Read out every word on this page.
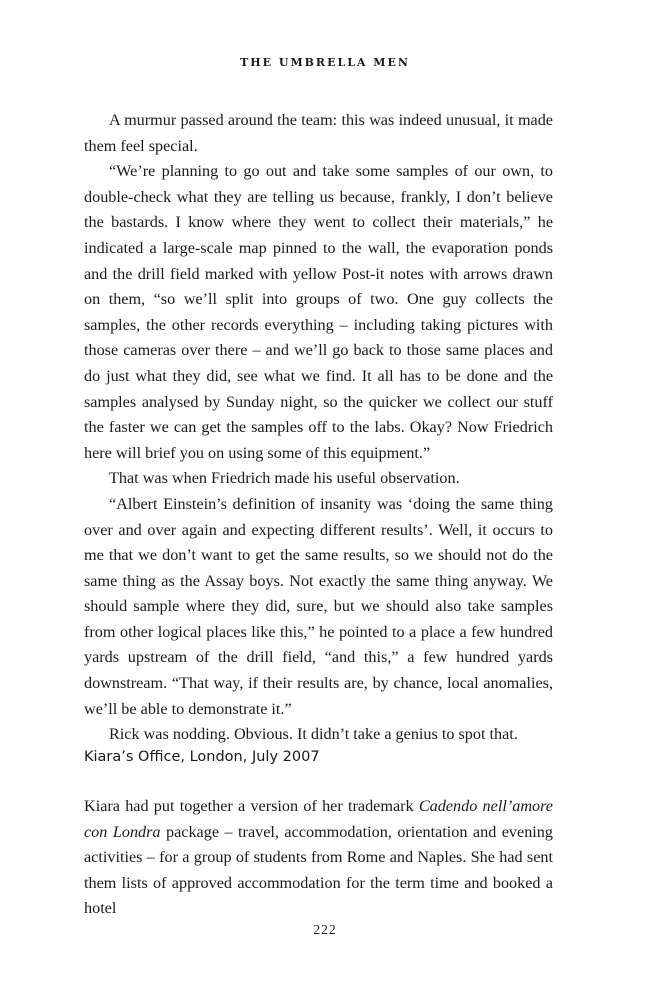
THE UMBRELLA MEN

A murmur passed around the team: this was indeed unusual, it made them feel special.

“We’re planning to go out and take some samples of our own, to double-check what they are telling us because, frankly, I don’t believe the bastards. I know where they went to collect their materials,” he indicated a large-scale map pinned to the wall, the evaporation ponds and the drill field marked with yellow Post-it notes with arrows drawn on them, “so we’ll split into groups of two. One guy collects the samples, the other records everything – including taking pictures with those cameras over there – and we’ll go back to those same places and do just what they did, see what we find. It all has to be done and the samples analysed by Sunday night, so the quicker we collect our stuff the faster we can get the samples off to the labs. Okay? Now Friedrich here will brief you on using some of this equipment.”

That was when Friedrich made his useful observation.

“Albert Einstein’s definition of insanity was ‘doing the same thing over and over again and expecting different results’. Well, it occurs to me that we don’t want to get the same results, so we should not do the same thing as the Assay boys. Not exactly the same thing anyway. We should sample where they did, sure, but we should also take samples from other logical places like this,” he pointed to a place a few hundred yards upstream of the drill field, “and this,” a few hundred yards downstream. “That way, if their results are, by chance, local anomalies, we’ll be able to demonstrate it.”

Rick was nodding. Obvious. It didn’t take a genius to spot that.

Kiara’s Office, London, July 2007

Kiara had put together a version of her trademark Cadendo nell’amore con Londra package – travel, accommodation, orientation and evening activities – for a group of students from Rome and Naples. She had sent them lists of approved accommodation for the term time and booked a hotel

222
